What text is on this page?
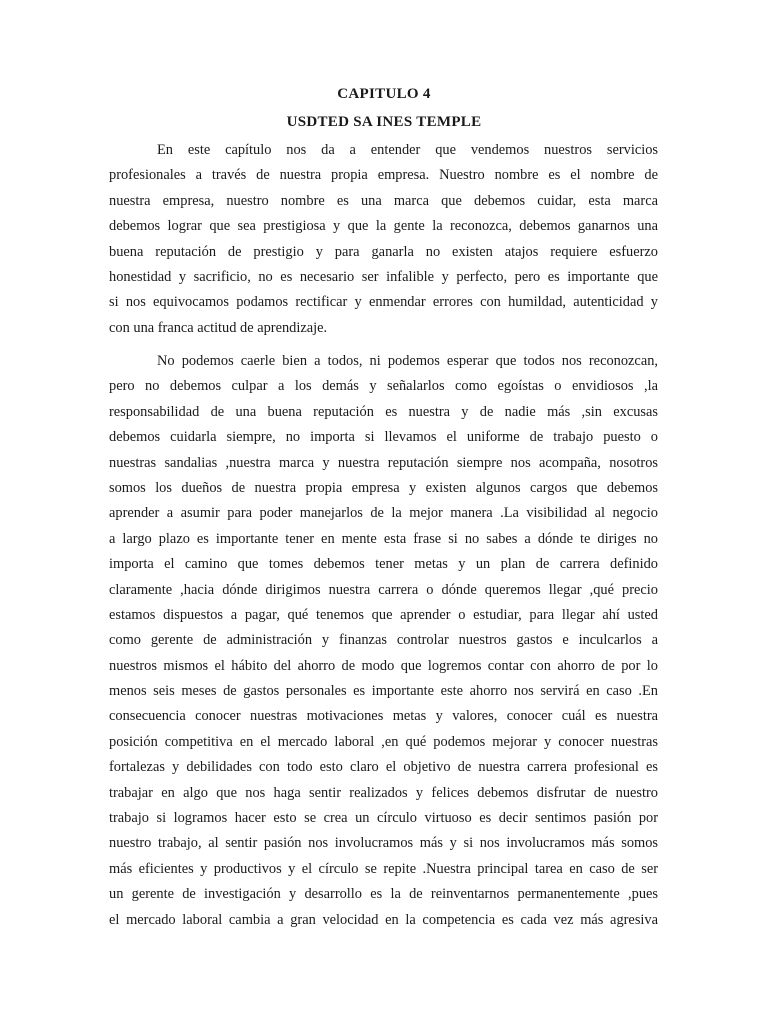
CAPITULO 4
USDTED SA INES TEMPLE
En este capítulo nos da a entender que vendemos nuestros servicios
profesionales a través de nuestra propia empresa. Nuestro nombre es el nombre de
nuestra empresa, nuestro nombre es una marca que debemos cuidar, esta marca
debemos lograr que sea prestigiosa y que la gente la reconozca, debemos ganarnos una
buena reputación de prestigio y para ganarla no existen atajos requiere esfuerzo
honestidad y sacrificio, no es necesario ser infalible y perfecto, pero es importante que
si nos equivocamos podamos rectificar y enmendar errores con humildad, autenticidad y
con una franca actitud de aprendizaje.
No podemos caerle bien a todos, ni podemos esperar que todos nos reconozcan,
pero no debemos culpar a los demás y señalarlos como egoístas o envidiosos ,la
responsabilidad de una buena reputación es nuestra y de nadie más ,sin excusas
debemos cuidarla siempre, no importa si llevamos el uniforme de trabajo puesto o
nuestras sandalias ,nuestra marca y nuestra reputación siempre nos acompaña, nosotros
somos los dueños de nuestra propia empresa y existen algunos cargos que debemos
aprender a asumir para poder manejarlos de la mejor manera .La visibilidad al negocio
a largo plazo es importante tener en mente esta frase si no sabes a dónde te diriges no
importa el camino que tomes debemos tener metas y un plan de carrera definido
claramente ,hacia dónde dirigimos nuestra carrera o dónde queremos llegar ,qué precio
estamos dispuestos a pagar, qué tenemos que aprender o estudiar, para llegar ahí usted
como gerente de administración y finanzas controlar nuestros gastos e inculcarlos a
nuestros mismos el hábito del ahorro de modo que logremos contar con ahorro de por lo
menos seis meses de gastos personales es importante este ahorro nos servirá en caso .En
consecuencia conocer nuestras motivaciones metas y valores, conocer cuál es nuestra
posición competitiva en el mercado laboral ,en qué podemos mejorar y conocer nuestras
fortalezas y debilidades con todo esto claro el objetivo de nuestra carrera profesional es
trabajar en algo que nos haga sentir realizados y felices debemos disfrutar de nuestro
trabajo si logramos hacer esto se crea un círculo virtuoso es decir sentimos pasión por
nuestro trabajo, al sentir pasión nos involucramos más y si nos involucramos más somos
más eficientes y productivos y el círculo se repite .Nuestra principal tarea en caso de ser
un gerente de investigación y desarrollo es la de reinventarnos permanentemente ,pues
el mercado laboral cambia a gran velocidad en la competencia es cada vez más agresiva
